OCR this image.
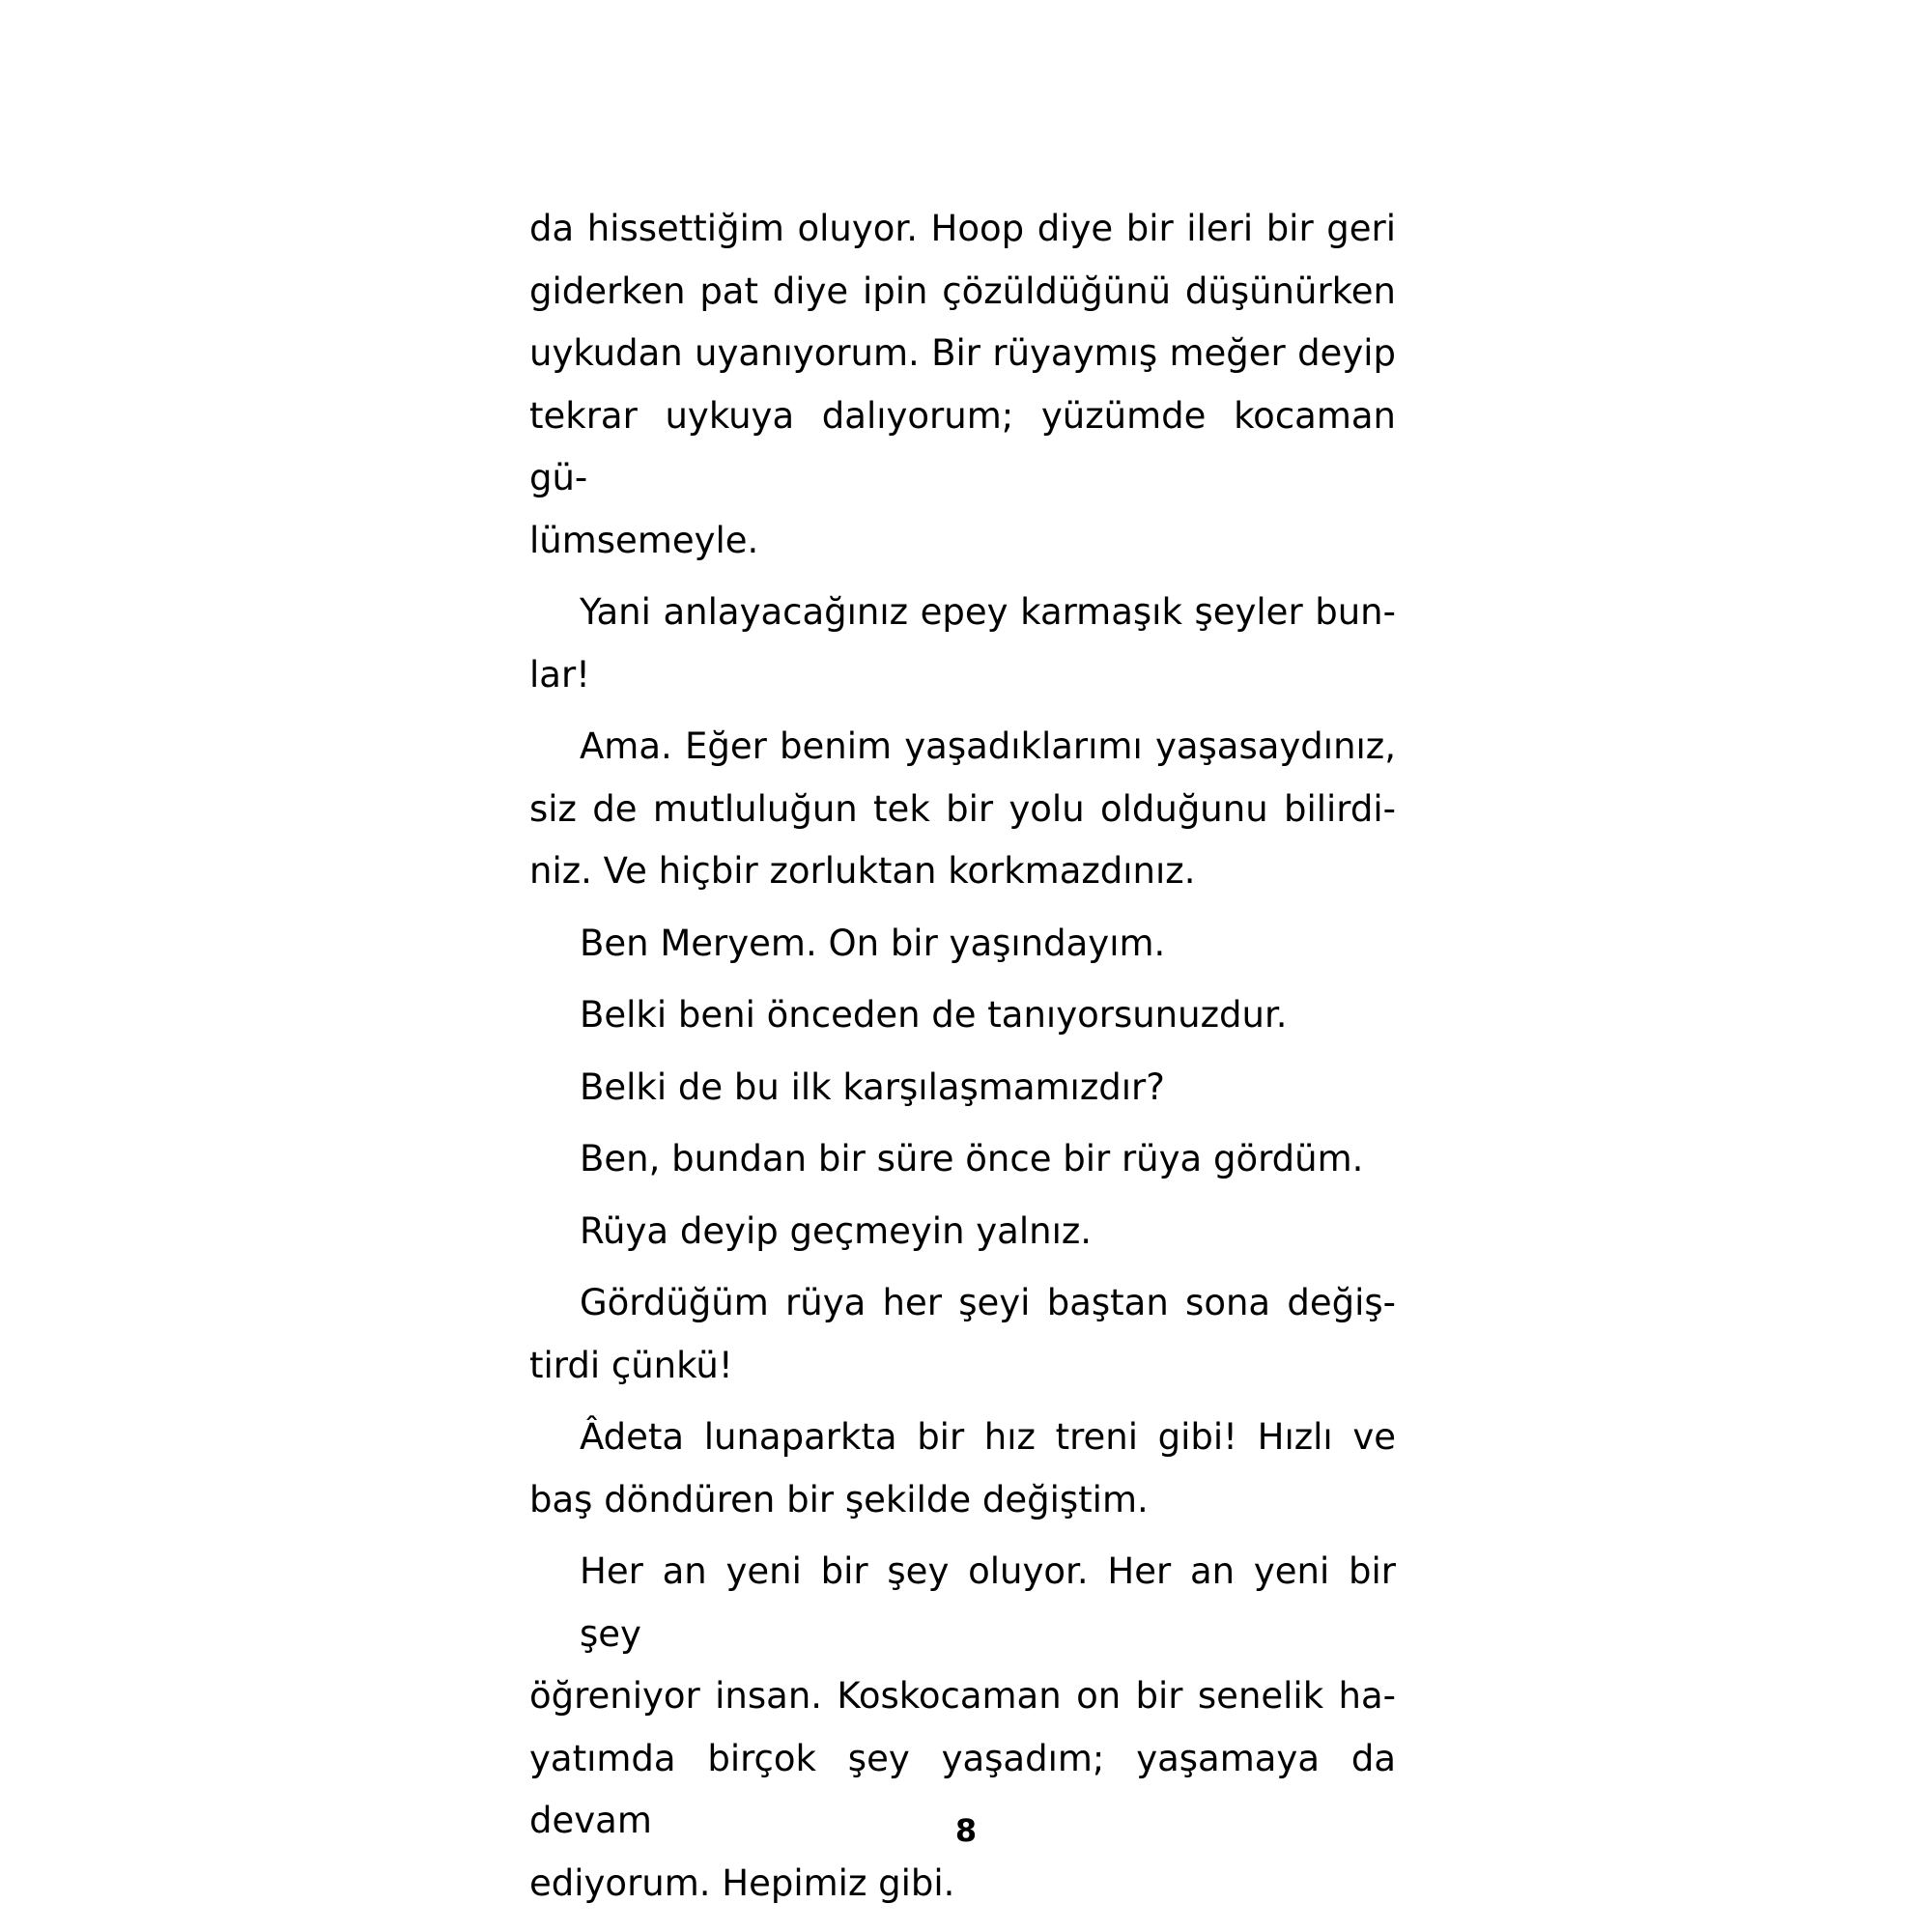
da hissettiğim oluyor. Hoop diye bir ileri bir geri
giderken pat diye ipin çözüldüğünü düşünürken
uykudan uyanıyorum. Bir rüyaymış meğer deyip
tekrar uykuya dalıyorum; yüzümde kocaman gü-
lümsemeyle.

Yani anlayacağınız epey karmaşık şeyler bun-
lar!

Ama. Eğer benim yaşadıklarımı yaşasaydınız,
siz de mutluluğun tek bir yolu olduğunu bilirdi-
niz. Ve hiçbir zorluktan korkmazdınız.

Ben Meryem. On bir yaşındayım.

Belki beni önceden de tanıyorsunuzdur.

Belki de bu ilk karşılaşmamızdır?

Ben, bundan bir süre önce bir rüya gördüm.

Rüya deyip geçmeyin yalnız.

Gördüğüm rüya her şeyi baştan sona değiş-
tirdi çünkü!

Âdeta lunaparkta bir hız treni gibi! Hızlı ve
baş döndüren bir şekilde değiştim.

Her an yeni bir şey oluyor. Her an yeni bir şey
öğreniyor insan. Koskocaman on bir senelik ha-
yatımda birçok şey yaşadım; yaşamaya da devam
ediyorum. Hepimiz gibi.

8
